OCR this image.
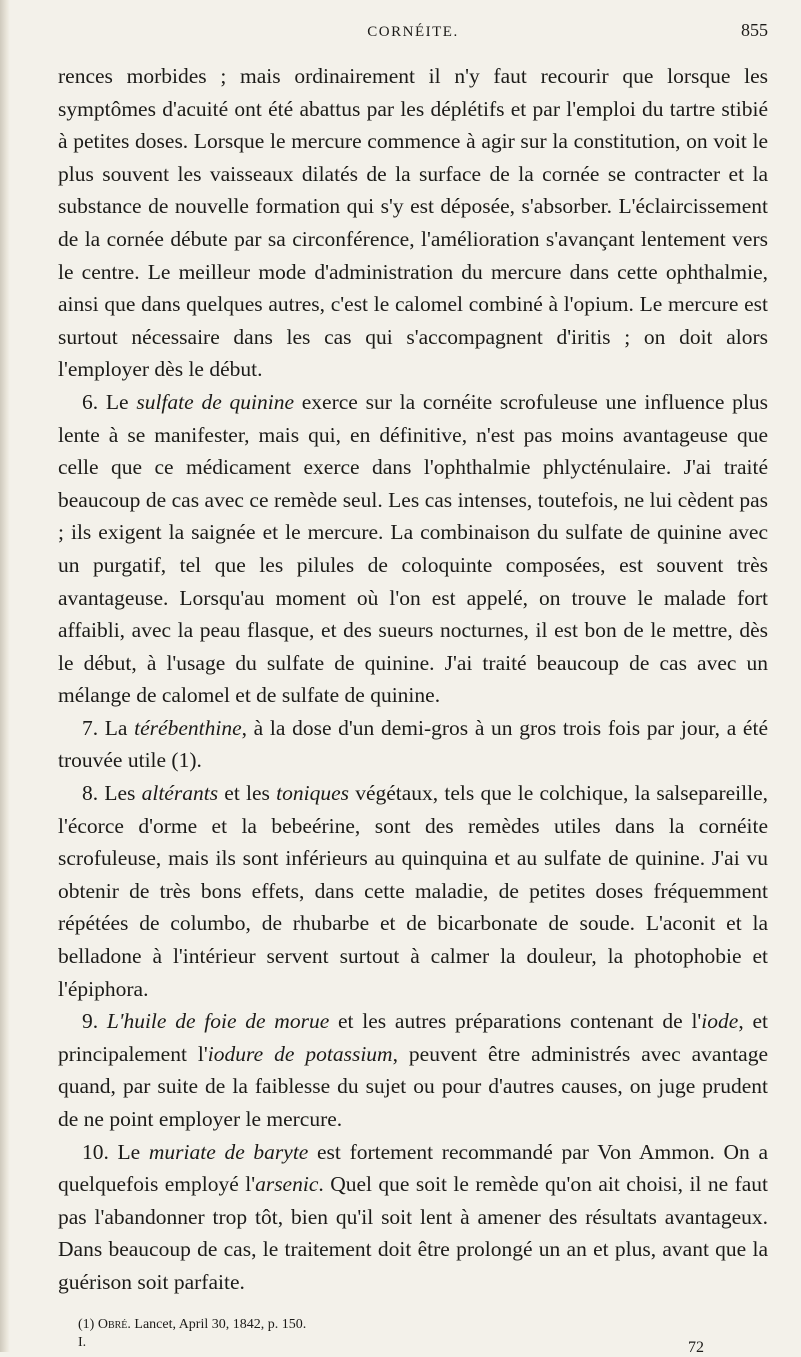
CORNÉITE.	855

rences morbides ; mais ordinairement il n'y faut recourir que lorsque les symptômes d'acuité ont été abattus par les déplétifs et par l'emploi du tartre stibié à petites doses. Lorsque le mercure commence à agir sur la constitution, on voit le plus souvent les vaisseaux dilatés de la surface de la cornée se contracter et la substance de nouvelle formation qui s'y est déposée, s'absorber. L'éclaircissement de la cornée débute par sa circonférence, l'amélioration s'avançant lentement vers le centre. Le meilleur mode d'administration du mercure dans cette ophthalmie, ainsi que dans quelques autres, c'est le calomel combiné à l'opium. Le mercure est surtout nécessaire dans les cas qui s'accompagnent d'iritis ; on doit alors l'employer dès le début.

6. Le sulfate de quinine exerce sur la cornéite scrofuleuse une influence plus lente à se manifester, mais qui, en définitive, n'est pas moins avantageuse que celle que ce médicament exerce dans l'ophthalmie phlycténulaire. J'ai traité beaucoup de cas avec ce remède seul. Les cas intenses, toutefois, ne lui cèdent pas ; ils exigent la saignée et le mercure. La combinaison du sulfate de quinine avec un purgatif, tel que les pilules de coloquinte composées, est souvent très avantageuse. Lorsqu'au moment où l'on est appelé, on trouve le malade fort affaibli, avec la peau flasque, et des sueurs nocturnes, il est bon de le mettre, dès le début, à l'usage du sulfate de quinine. J'ai traité beaucoup de cas avec un mélange de calomel et de sulfate de quinine.

7. La térébenthine, à la dose d'un demi-gros à un gros trois fois par jour, a été trouvée utile (1).

8. Les altérants et les toniques végétaux, tels que le colchique, la salsepareille, l'écorce d'orme et la bebeérine, sont des remèdes utiles dans la cornéite scrofuleuse, mais ils sont inférieurs au quinquina et au sulfate de quinine. J'ai vu obtenir de très bons effets, dans cette maladie, de petites doses fréquemment répétées de columbo, de rhubarbe et de bicarbonate de soude. L'aconit et la belladone à l'intérieur servent surtout à calmer la douleur, la photophobie et l'épiphora.

9. L'huile de foie de morue et les autres préparations contenant de l'iode, et principalement l'iodure de potassium, peuvent être administrés avec avantage quand, par suite de la faiblesse du sujet ou pour d'autres causes, on juge prudent de ne point employer le mercure.

10. Le muriate de baryte est fortement recommandé par Von Ammon. On a quelquefois employé l'arsenic. Quel que soit le remède qu'on ait choisi, il ne faut pas l'abandonner trop tôt, bien qu'il soit lent à amener des résultats avantageux. Dans beaucoup de cas, le traitement doit être prolongé un an et plus, avant que la guérison soit parfaite.

(1) Obré. Lancet, April 30, 1842, p. 150.
I.	72
